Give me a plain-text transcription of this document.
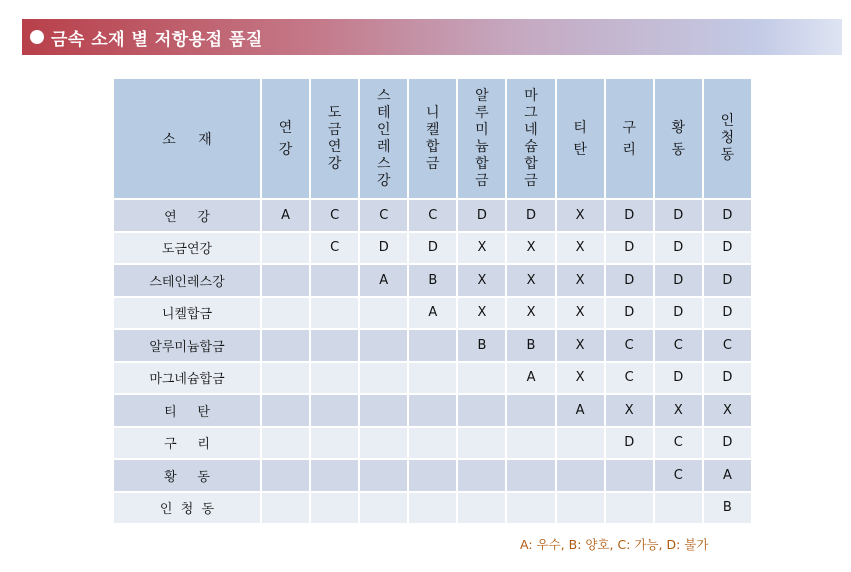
금속 소재 별 저항용접 품질
소 재	연강	도금연강	스테인레스강	니켈합금	알루미늄합금	마그네슘합금	티탄	구리	황동	인청동
연     강	A	C	C	C	D	D	X	D	D	D
도금연강		C	D	D	X	X	X	D	D	D
스테인레스강			A	B	X	X	X	D	D	D
니켈합금				A	X	X	X	D	D	D
알루미늄합금					B	B	X	C	C	C
마그네슘합금						A	X	C	D	D
티     탄							A	X	X	X
구     리								D	C	D
황     동									C	A
인  청  동										B
A: 우수, B: 양호, C: 가능, D: 불가
